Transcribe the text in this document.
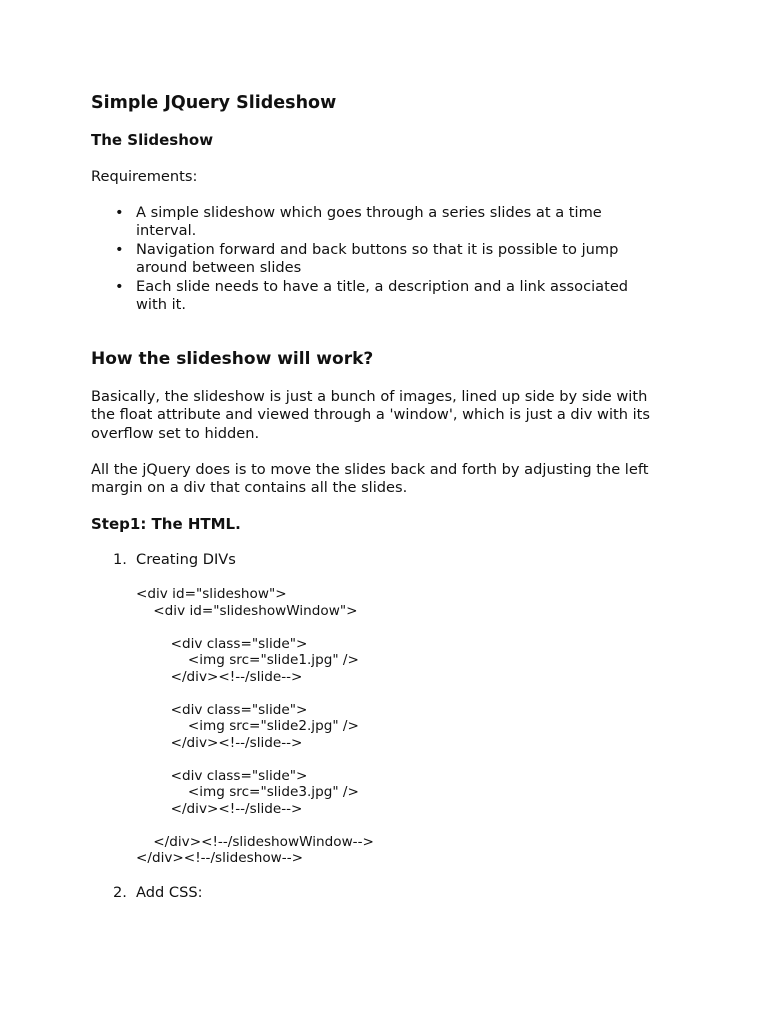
Simple JQuery Slideshow
The Slideshow

Requirements:

• A simple slideshow which goes through a series slides at a time
interval.
• Navigation forward and back buttons so that it is possible to jump
around between slides
• Each slide needs to have a title, a description and a link associated
with it.
How the slideshow will work?

Basically, the slideshow is just a bunch of images, lined up side by side with
the float attribute and viewed through a 'window', which is just a div with its
overflow set to hidden.

All the jQuery does is to move the slides back and forth by adjusting the left
margin on a div that contains all the slides.

Step1: The HTML.
1. Creating DIVs
<div id="slideshow">
<div id="slideshowWindow">

<div class="slide">
<img src="slide1.jpg" />
</div><!--/slide-->

<div class="slide">
<img src="slide2.jpg" />
</div><!--/slide-->

<div class="slide">
<img src="slide3.jpg" />
</div><!--/slide-->

</div><!--/slideshowWindow-->
</div><!--/slideshow-->
2. Add CSS:
